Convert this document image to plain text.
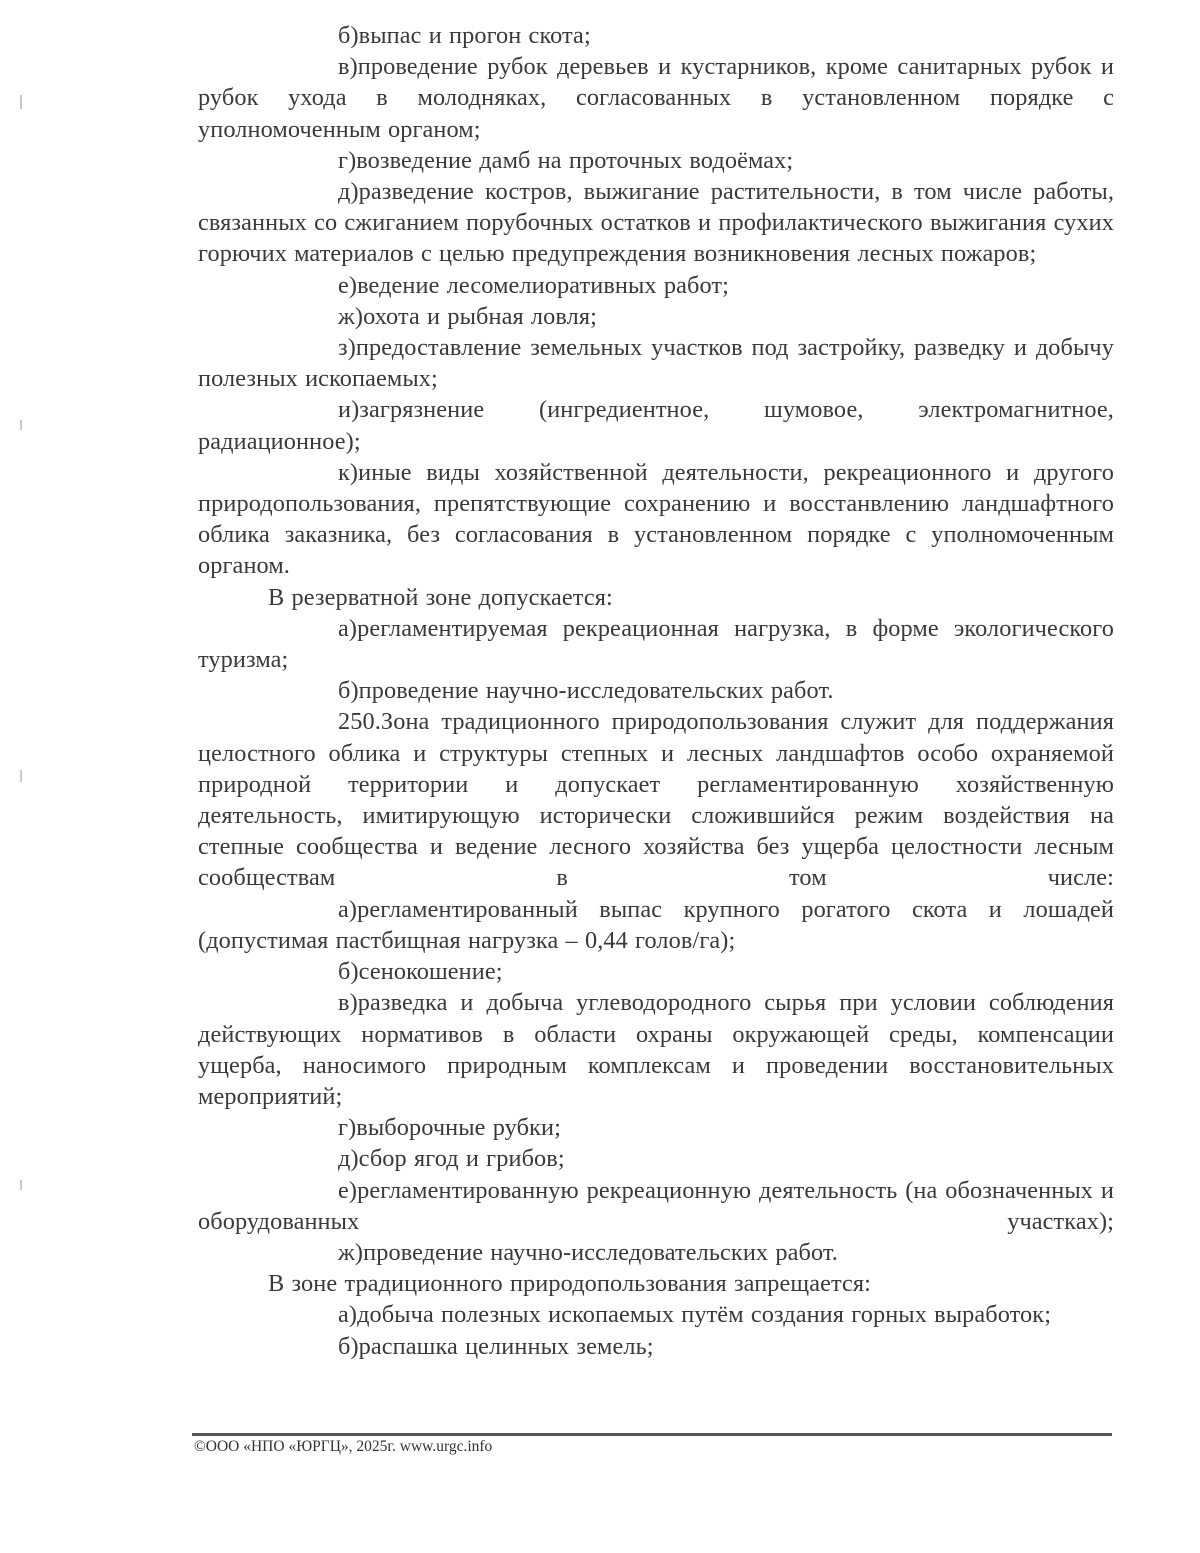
б)выпас и прогон скота;

в)проведение рубок деревьев и кустарников, кроме санитарных рубок и рубок ухода в молодняках, согласованных в установленном порядке с уполномоченным органом;

г)возведение дамб на проточных водоёмах;

д)разведение костров, выжигание растительности, в том числе работы, связанных со сжиганием порубочных остатков и профилактического выжигания сухих горючих материалов с целью предупреждения возникновения лесных пожаров;

е)ведение лесомелиоративных работ;

ж)охота и рыбная ловля;

з)предоставление земельных участков под застройку, разведку и добычу полезных ископаемых;

и)загрязнение (ингредиентное, шумовое, электромагнитное, радиационное);

к)иные виды хозяйственной деятельности, рекреационного и другого природопользования, препятствующие сохранению и восстанвлению ландшафтного облика заказника, без согласования в установленном порядке с уполномоченным органом.

В резерватной зоне допускается:

а)регламентируемая рекреационная нагрузка, в форме экологического туризма;

б)проведение научно-исследовательских работ.

250.Зона традиционного природопользования служит для поддержания целостного облика и структуры степных и лесных ландшафтов особо охраняемой природной территории и допускает регламентированную хозяйственную деятельность, имитирующую исторически сложившийся режим воздействия на степные сообщества и ведение лесного хозяйства без ущерба целостности лесным сообществам в том числе:

а)регламентированный выпас крупного рогатого скота и лошадей (допустимая пастбищная нагрузка – 0,44 голов/га);

б)сенокошение;

в)разведка и добыча углеводородного сырья при условии соблюдения действующих нормативов в области охраны окружающей среды, компенсации ущерба, наносимого природным комплексам и проведении восстановительных мероприятий;

г)выборочные рубки;

д)сбор ягод и грибов;

е)регламентированную рекреационную деятельность (на обозначенных и оборудованных участках);

ж)проведение научно-исследовательских работ.

В зоне традиционного природопользования запрещается:

а)добыча полезных ископаемых путём создания горных выработок;

б)распашка целинных земель;

©ООО «НПО «ЮРГЦ», 2025г. www.urgc.info
